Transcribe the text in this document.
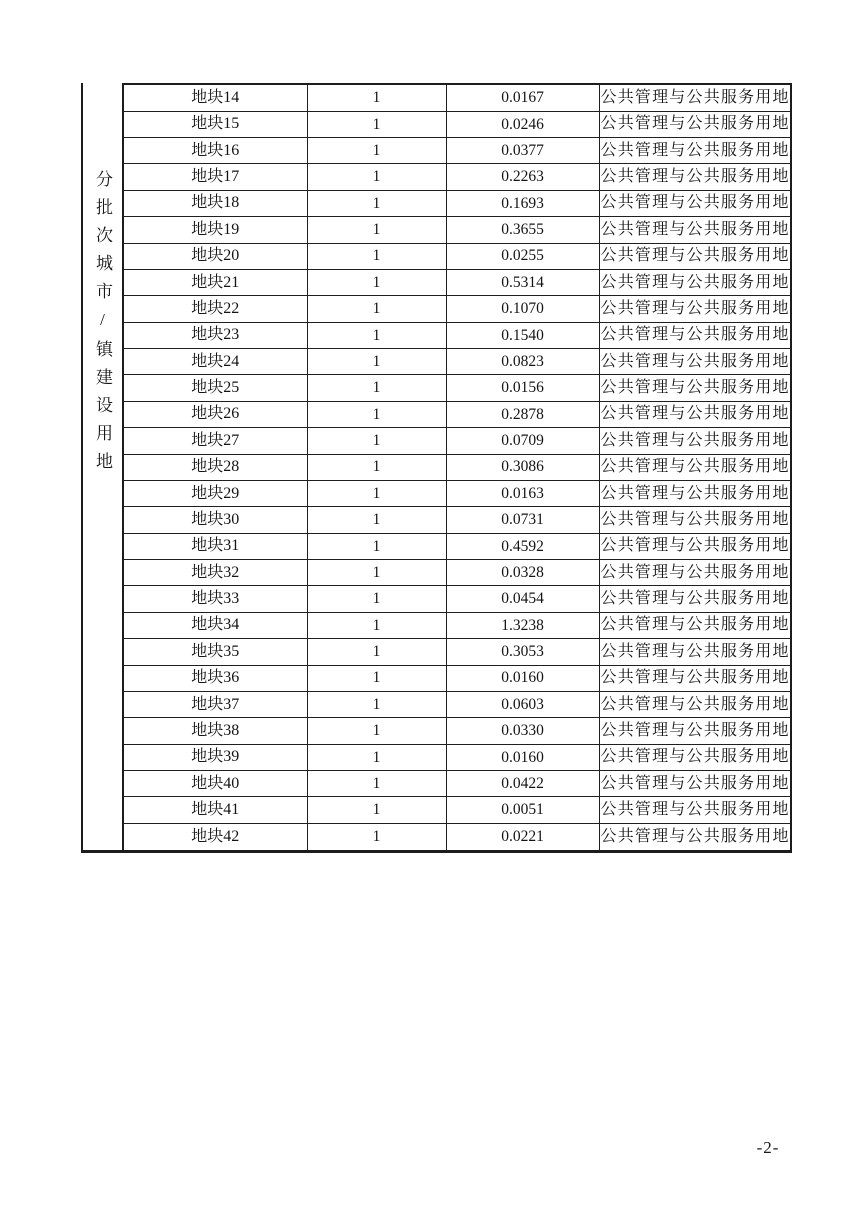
分批次城市/镇建设用地
地块14	1	0.0167	公共管理与公共服务用地
地块15	1	0.0246	公共管理与公共服务用地
地块16	1	0.0377	公共管理与公共服务用地
地块17	1	0.2263	公共管理与公共服务用地
地块18	1	0.1693	公共管理与公共服务用地
地块19	1	0.3655	公共管理与公共服务用地
地块20	1	0.0255	公共管理与公共服务用地
地块21	1	0.5314	公共管理与公共服务用地
地块22	1	0.1070	公共管理与公共服务用地
地块23	1	0.1540	公共管理与公共服务用地
地块24	1	0.0823	公共管理与公共服务用地
地块25	1	0.0156	公共管理与公共服务用地
地块26	1	0.2878	公共管理与公共服务用地
地块27	1	0.0709	公共管理与公共服务用地
地块28	1	0.3086	公共管理与公共服务用地
地块29	1	0.0163	公共管理与公共服务用地
地块30	1	0.0731	公共管理与公共服务用地
地块31	1	0.4592	公共管理与公共服务用地
地块32	1	0.0328	公共管理与公共服务用地
地块33	1	0.0454	公共管理与公共服务用地
地块34	1	1.3238	公共管理与公共服务用地
地块35	1	0.3053	公共管理与公共服务用地
地块36	1	0.0160	公共管理与公共服务用地
地块37	1	0.0603	公共管理与公共服务用地
地块38	1	0.0330	公共管理与公共服务用地
地块39	1	0.0160	公共管理与公共服务用地
地块40	1	0.0422	公共管理与公共服务用地
地块41	1	0.0051	公共管理与公共服务用地
地块42	1	0.0221	公共管理与公共服务用地
-2-
